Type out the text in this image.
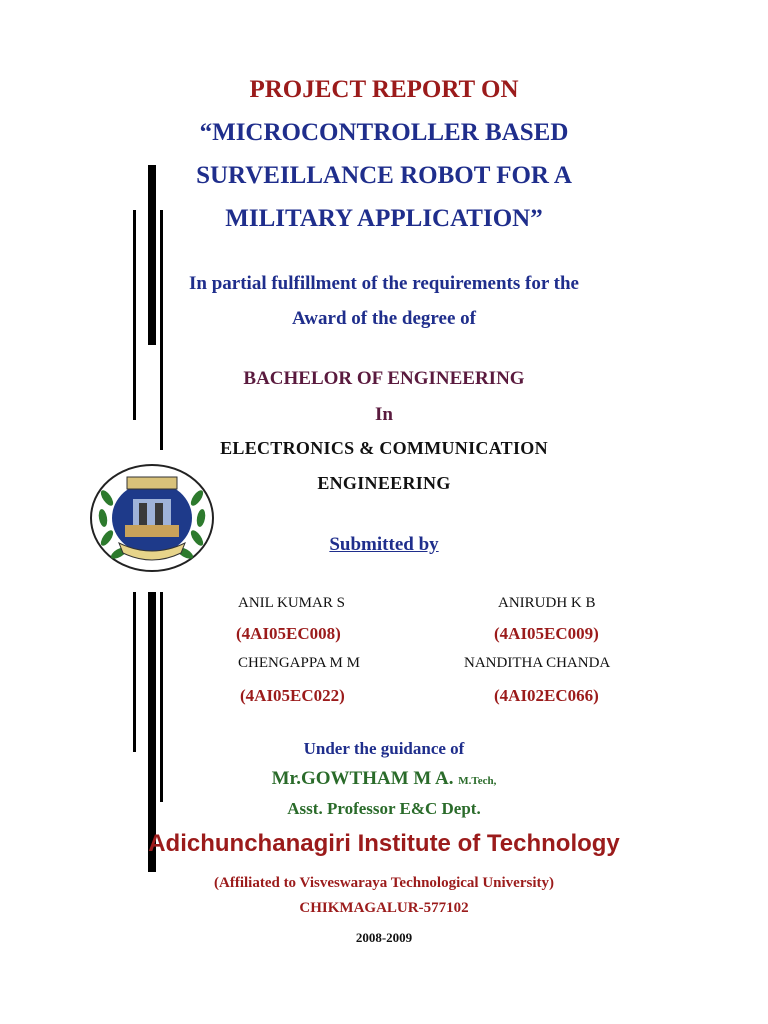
PROJECT REPORT ON
“MICROCONTROLLER BASED
SURVEILLANCE ROBOT FOR A
MILITARY APPLICATION”
In partial fulfillment of the requirements for the
Award of the degree of
BACHELOR OF ENGINEERING
In
ELECTRONICS & COMMUNICATION
ENGINEERING
Submitted by
ANIL KUMAR S	ANIRUDH K B
(4AI05EC008)	(4AI05EC009)
CHENGAPPA M M	NANDITHA CHANDA
(4AI05EC022)	(4AI02EC066)
Under the guidance of
Mr.GOWTHAM M A. M.Tech,
Asst. Professor E&C Dept.
Adichunchanagiri Institute of Technology
(Affiliated to Visveswaraya Technological University)
CHIKMAGALUR-577102
2008-2009
